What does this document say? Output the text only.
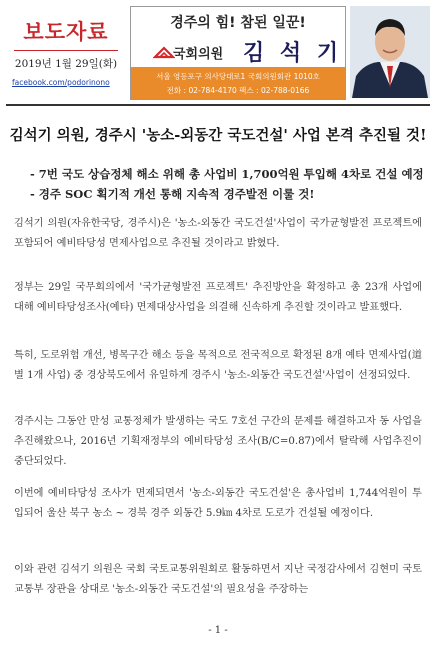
보도자료
2019년 1월 29일(화)
facebook.com/podorinono
경주의 힘! 참된 일꾼!
국회의원 김 석 기
서울 영등포구 의사당대로1 국회의원회관 1010호
전화 : 02-784-4170 팩스 : 02-788-0166
김석기 의원, 경주시 '농소-외동간 국도건설' 사업 본격 추진될 것!
- 7번 국도 상습정체 해소 위해 총 사업비 1,700억원 투입해 4차로 건설 예정
- 경주 SOC 획기적 개선 통해 지속적 경주발전 이룰 것!
김석기 의원(자유한국당, 경주시)은 '농소-외동간 국도건설'사업이 국가균형발전 프로젝트에 포함되어 예비타당성 면제사업으로 추진될 것이라고 밝혔다.
정부는 29일 국무회의에서 '국가균형발전 프로젝트' 추진방안을 확정하고 총 23개 사업에 대해 예비타당성조사(예타) 면제대상사업을 의결해 신속하게 추진할 것이라고 발표했다.
특히, 도로위험 개선, 병목구간 해소 등을 목적으로 전국적으로 확정된 8개 예타 면제사업(道별 1개 사업) 중 경상북도에서 유일하게 경주시 '농소-외동간 국도건설'사업이 선정되었다.
경주시는 그동안 만성 교통정체가 발생하는 국도 7호선 구간의 문제를 해결하고자 동 사업을 추진해왔으나, 2016년 기획재정부의 예비타당성 조사(B/C=0.87)에서 탈락해 사업추진이 중단되었다.
이번에 예비타당성 조사가 면제되면서 '농소-외동간 국도건설'은 총사업비 1,744억원이 투입되어 울산 북구 농소 ~ 경북 경주 외동간 5.9㎞ 4차로 도로가 건설될 예정이다.
이와 관련 김석기 의원은 국회 국토교통위원회로 활동하면서 지난 국정감사에서 김현미 국토교통부 장관을 상대로 '농소-외동간 국도건설'의 필요성을 주장하는
- 1 -
